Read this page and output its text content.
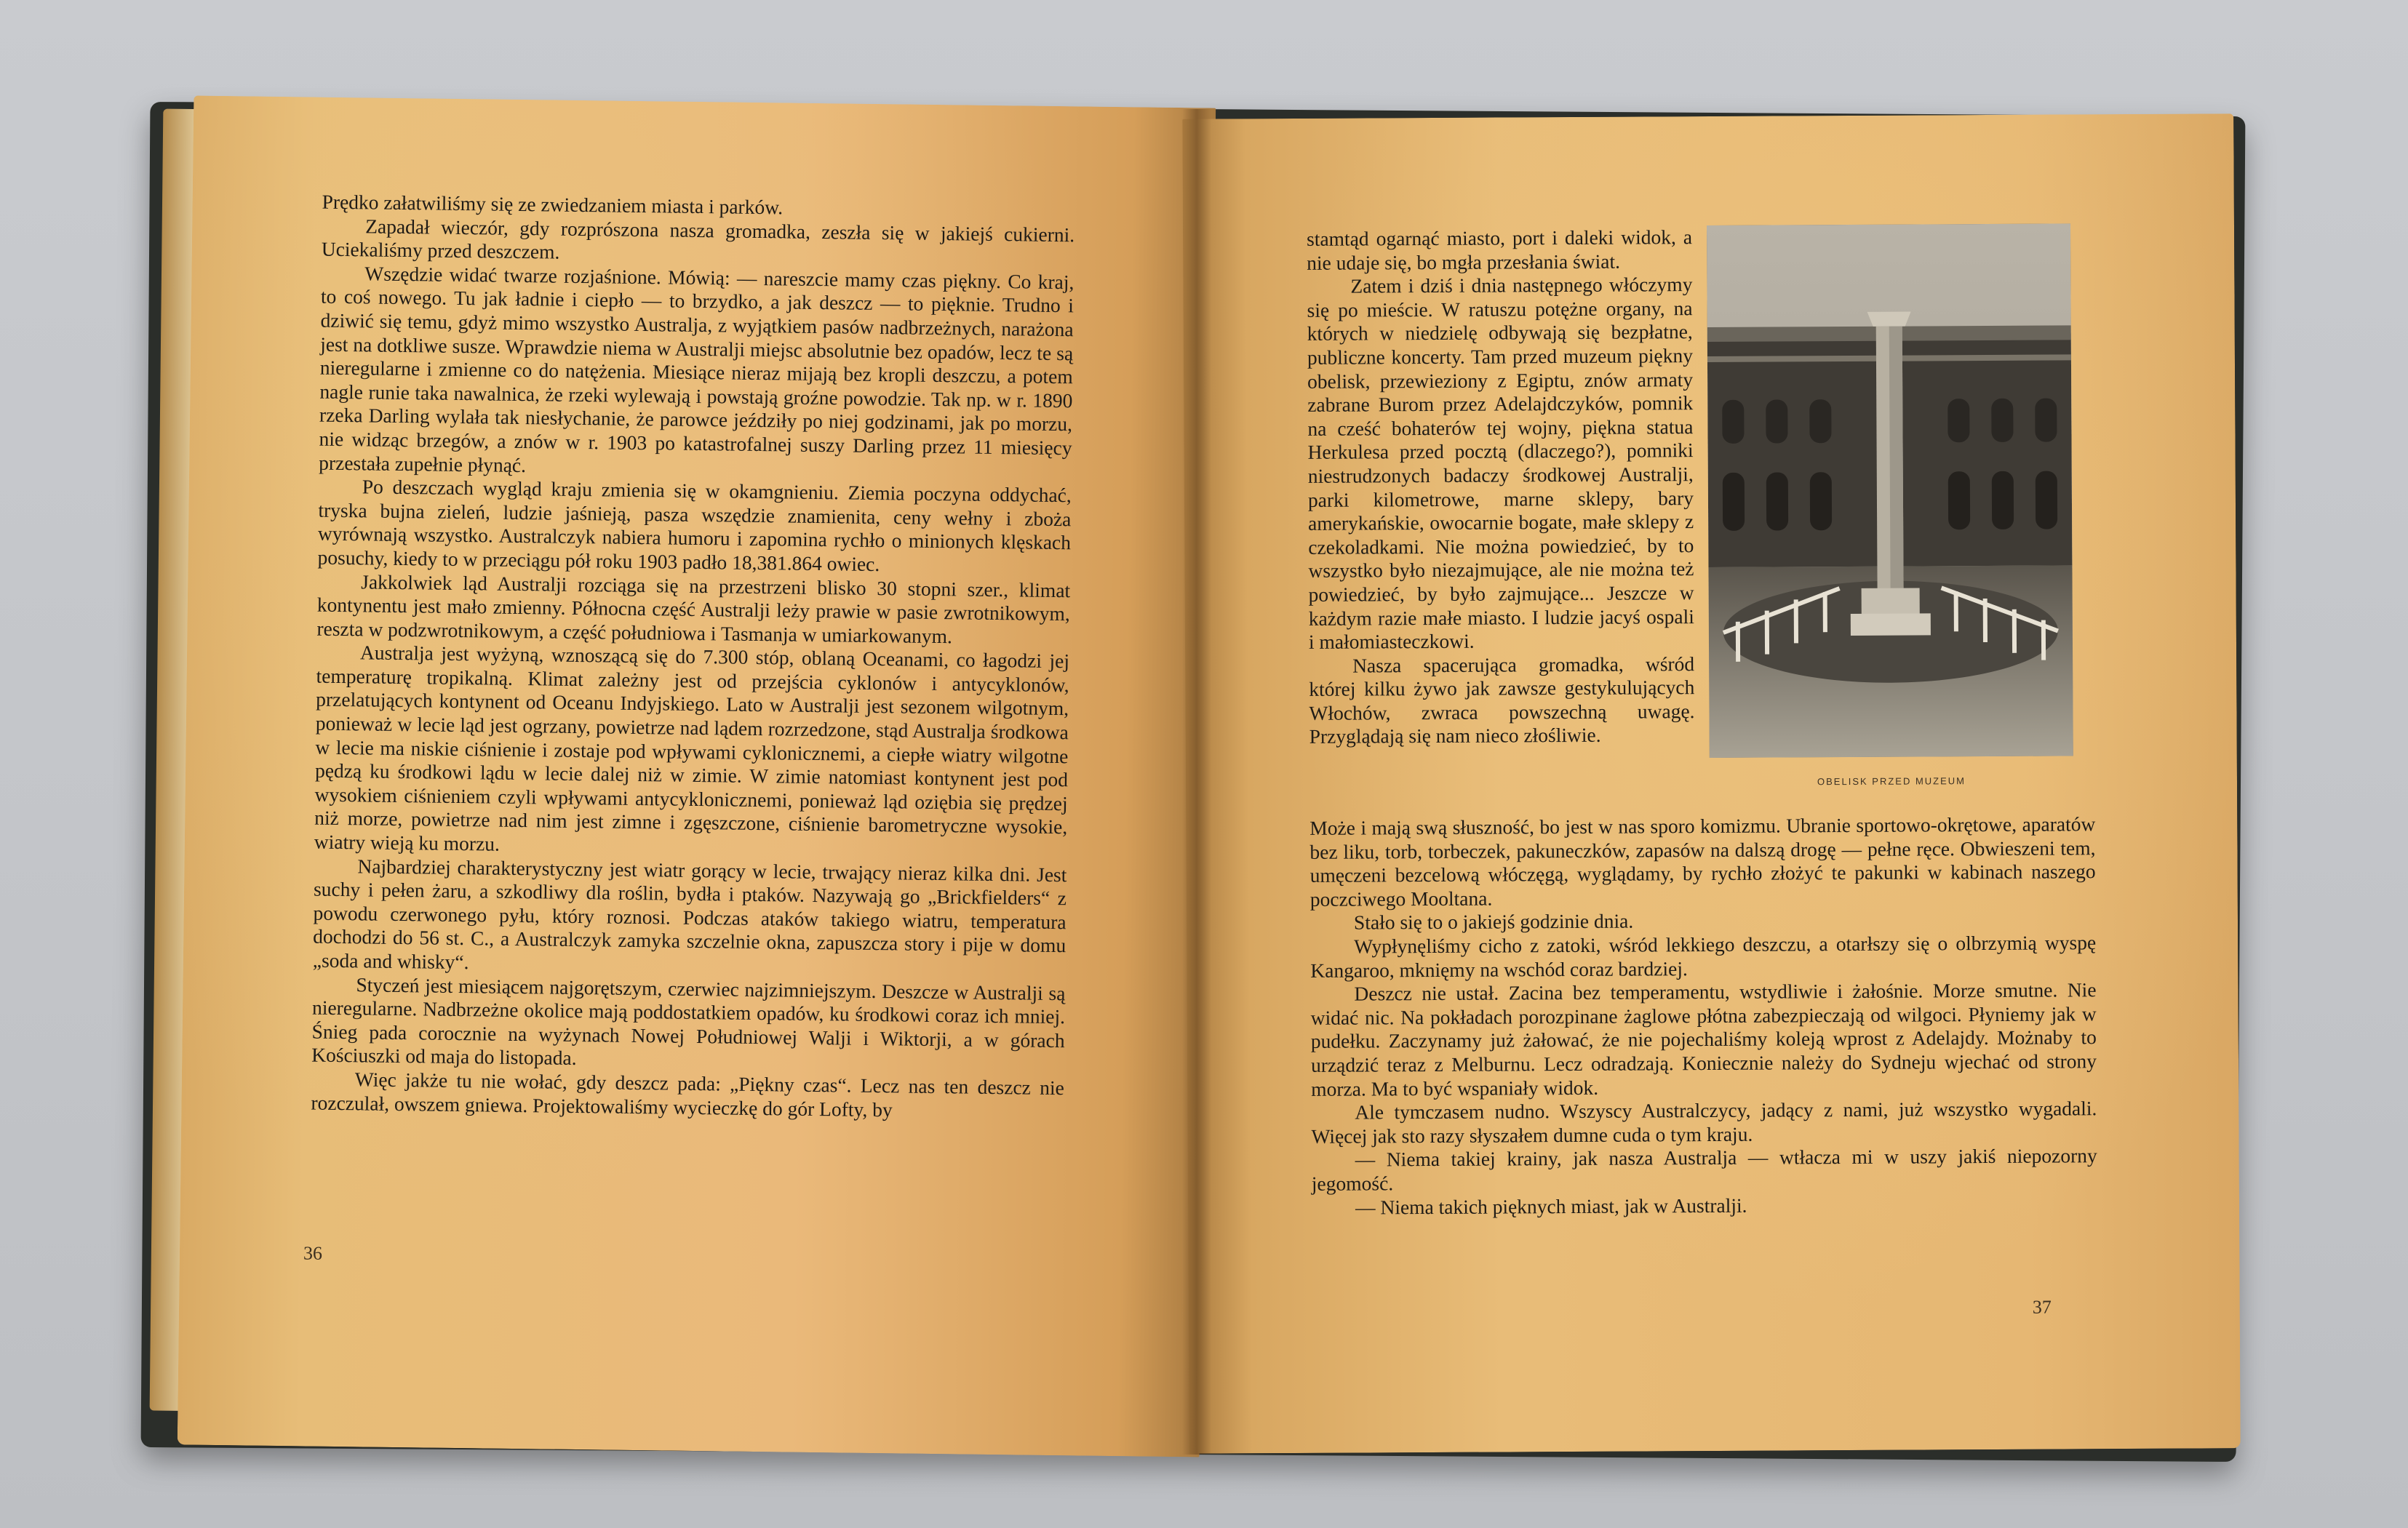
Prędko załatwiliśmy się ze zwiedzaniem miasta i parków.

Zapadał wieczór, gdy rozprószona nasza gromadka, zeszła się w jakiejś cukierni. Uciekaliśmy przed deszczem.

Wszędzie widać twarze rozjaśnione. Mówią: — nareszcie mamy czas piękny. Co kraj, to coś nowego. Tu jak ładnie i ciepło — to brzydko, a jak deszcz — to pięknie. Trudno i dziwić się temu, gdyż mimo wszystko Australja, z wyjątkiem pasów nadbrzeżnych, narażona jest na dotkliwe susze. Wprawdzie niema w Australji miejsc absolutnie bez opadów, lecz te są nieregularne i zmienne co do natężenia. Miesiące nieraz mijają bez kropli deszczu, a potem nagle runie taka nawalnica, że rzeki wylewają i powstają groźne powodzie. Tak np. w r. 1890 rzeka Darling wylała tak niesłychanie, że parowce jeździły po niej godzinami, jak po morzu, nie widząc brzegów, a znów w r. 1903 po katastrofalnej suszy Darling przez 11 miesięcy przestała zupełnie płynąć.

Po deszczach wygląd kraju zmienia się w okamgnieniu. Ziemia poczyna oddychać, tryska bujna zieleń, ludzie jaśnieją, pasza wszędzie znamienita, ceny wełny i zboża wyrównają wszystko. Australczyk nabiera humoru i zapomina rychło o minionych klęskach posuchy, kiedy to w przeciągu pół roku 1903 padło 18,381.864 owiec.

Jakkolwiek ląd Australji rozciąga się na przestrzeni blisko 30 stopni szer., klimat kontynentu jest mało zmienny. Północna część Australji leży prawie w pasie zwrotnikowym, reszta w podzwrotnikowym, a część południowa i Tasmanja w umiarkowanym.

Australja jest wyżyną, wznoszącą się do 7.300 stóp, oblaną Oceanami, co łagodzi jej temperaturę tropikalną. Klimat zależny jest od przejścia cyklonów i antycyklonów, przelatujących kontynent od Oceanu Indyjskiego. Lato w Australji jest sezonem wilgotnym, ponieważ w lecie ląd jest ogrzany, powietrze nad lądem rozrzedzone, stąd Australja środkowa w lecie ma niskie ciśnienie i zostaje pod wpływami cyklonicznemi, a ciepłe wiatry wilgotne pędzą ku środkowi lądu w lecie dalej niż w zimie. W zimie natomiast kontynent jest pod wysokiem ciśnieniem czyli wpływami antycyklonicznemi, ponieważ ląd oziębia się prędzej niż morze, powietrze nad nim jest zimne i zgęszczone, ciśnienie barometryczne wysokie, wiatry wieją ku morzu.

Najbardziej charakterystyczny jest wiatr gorący w lecie, trwający nieraz kilka dni. Jest suchy i pełen żaru, a szkodliwy dla roślin, bydła i ptaków. Nazywają go „Brickfielders“ z powodu czerwonego pyłu, który roznosi. Podczas ataków takiego wiatru, temperatura dochodzi do 56 st. C., a Australczyk zamyka szczelnie okna, zapuszcza story i pije w domu „soda and whisky“.

Styczeń jest miesiącem najgorętszym, czerwiec najzimniejszym. Deszcze w Australji są nieregularne. Nadbrzeżne okolice mają poddostatkiem opadów, ku środkowi coraz ich mniej. Śnieg pada corocznie na wyżynach Nowej Południowej Walji i Wiktorji, a w górach Kościuszki od maja do listopada.

Więc jakże tu nie wołać, gdy deszcz pada: „Piękny czas“. Lecz nas ten deszcz nie rozczulał, owszem gniewa. Projektowaliśmy wycieczkę do gór Lofty, by

36

stamtąd ogarnąć miasto, port i daleki widok, a nie udaje się, bo mgła przesłania świat.

Zatem i dziś i dnia następnego włóczymy się po mieście. W ratuszu potężne organy, na których w niedzielę odbywają się bezpłatne, publiczne koncerty. Tam przed muzeum piękny obelisk, przewieziony z Egiptu, znów armaty zabrane Burom przez Adelajdczyków, pomnik na cześć bohaterów tej wojny, piękna statua Herkulesa przed pocztą (dlaczego?), pomniki niestrudzonych badaczy środkowej Australji, parki kilometrowe, marne sklepy, bary amerykańskie, owocarnie bogate, małe sklepy z czekoladkami. Nie można powiedzieć, by to wszystko było niezajmujące, ale nie można też powiedzieć, by było zajmujące... Jeszcze w każdym razie małe miasto. I ludzie jacyś ospali i małomiasteczkowi.

Nasza spacerująca gromadka, wśród której kilku żywo jak zawsze gestykulujących Włochów, zwraca powszechną uwagę. Przyglądają się nam nieco złośliwie.

OBELISK PRZED MUZEUM

Może i mają swą słuszność, bo jest w nas sporo komizmu. Ubranie sportowo-okrętowe, aparatów bez liku, torb, torbeczek, pakuneczków, zapasów na dalszą drogę — pełne ręce. Obwieszeni tem, umęczeni bezcelową włóczęgą, wyglądamy, by rychło złożyć te pakunki w kabinach naszego poczciwego Mooltana.

Stało się to o jakiejś godzinie dnia.

Wypłynęliśmy cicho z zatoki, wśród lekkiego deszczu, a otarłszy się o olbrzymią wyspę Kangaroo, mknięmy na wschód coraz bardziej.

Deszcz nie ustał. Zacina bez temperamentu, wstydliwie i żałośnie. Morze smutne. Nie widać nic. Na pokładach porozpinane żaglowe płótna zabezpieczają od wilgoci. Płyniemy jak w pudełku. Zaczynamy już żałować, że nie pojechaliśmy koleją wprost z Adelajdy. Możnaby to urządzić teraz z Melburnu. Lecz odradzają. Koniecznie należy do Sydneju wjechać od strony morza. Ma to być wspaniały widok.

Ale tymczasem nudno. Wszyscy Australczycy, jadący z nami, już wszystko wygadali. Więcej jak sto razy słyszałem dumne cuda o tym kraju.

— Niema takiej krainy, jak nasza Australja — wtłacza mi w uszy jakiś niepozorny jegomość.

— Niema takich pięknych miast, jak w Australji.

37
